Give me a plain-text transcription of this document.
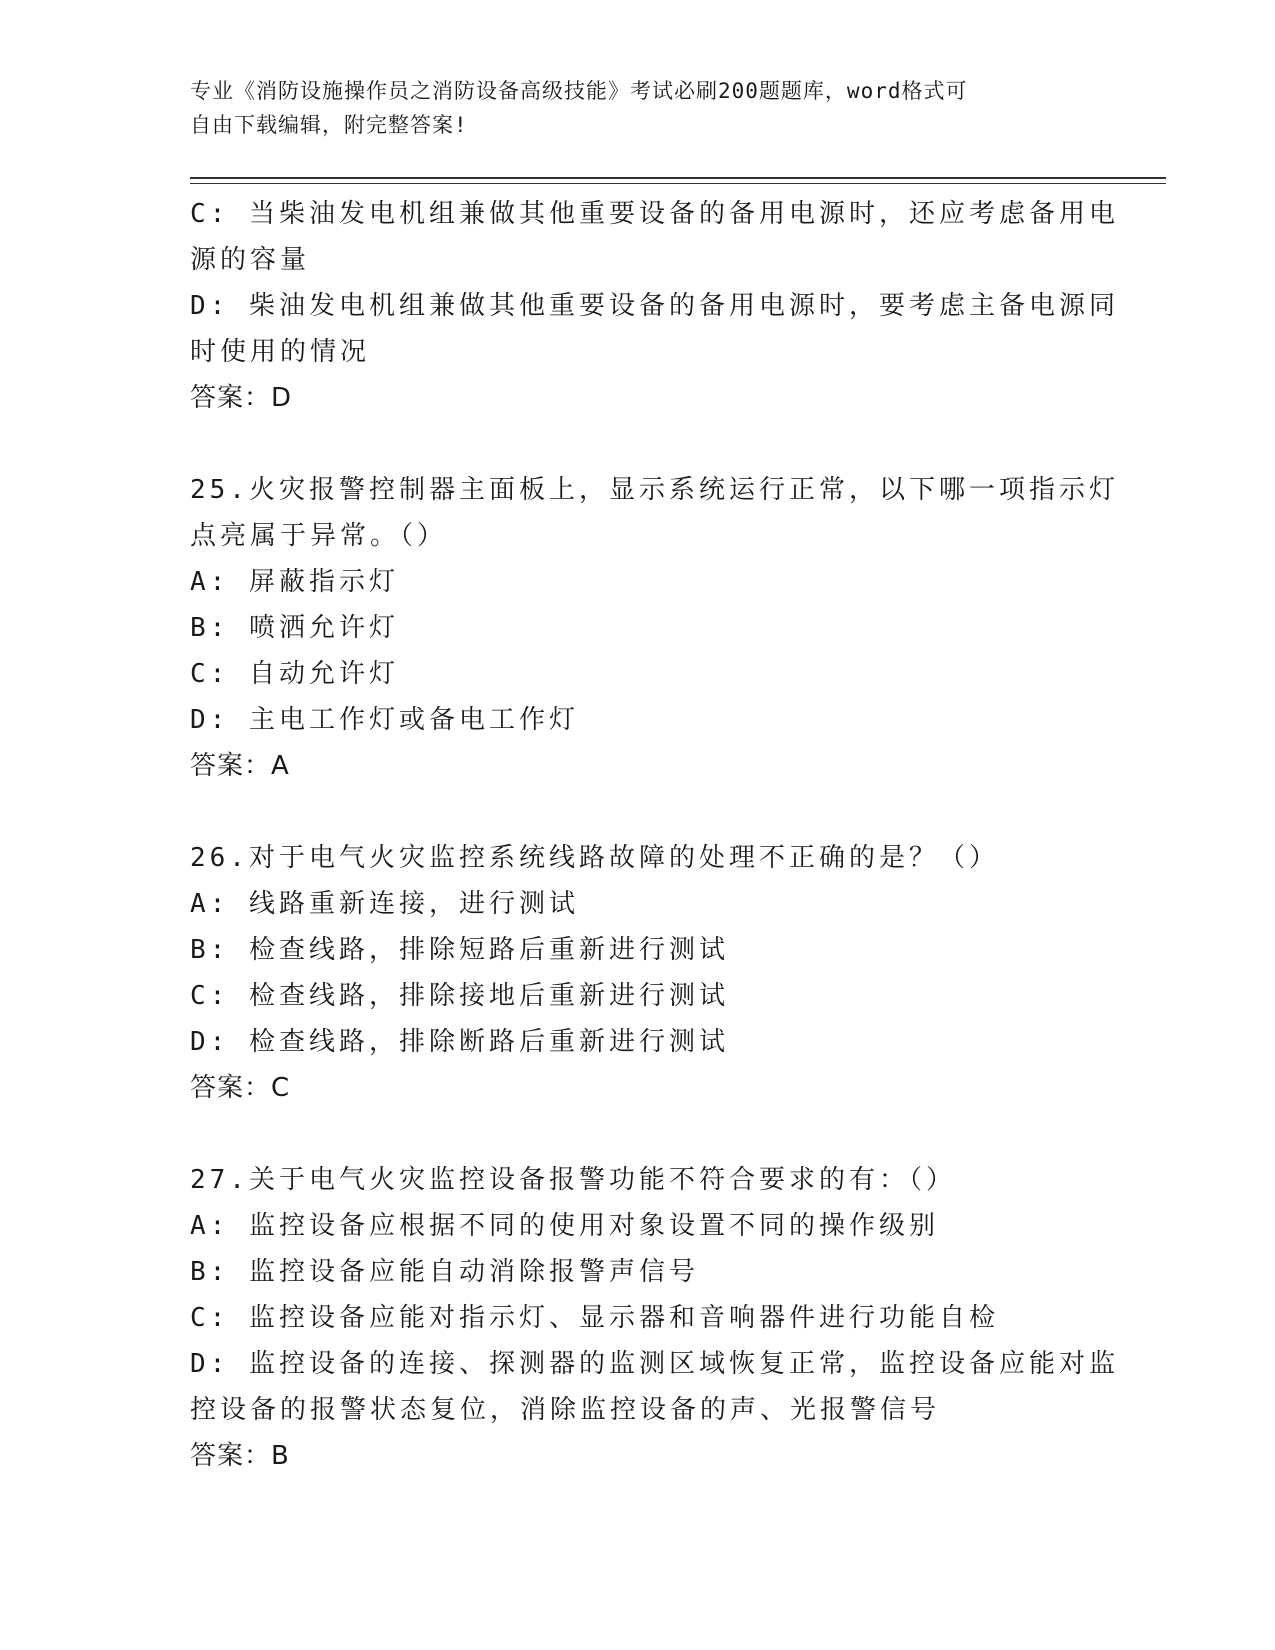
专业《消防设施操作员之消防设备高级技能》考试必刷200题题库，word格式可
自由下载编辑，附完整答案!
C: 当柴油发电机组兼做其他重要设备的备用电源时，还应考虑备用电
源的容量
D: 柴油发电机组兼做其他重要设备的备用电源时，要考虑主备电源同
时使用的情况
答案：D
25.火灾报警控制器主面板上，显示系统运行正常，以下哪一项指示灯
点亮属于异常。（）
A: 屏蔽指示灯
B: 喷洒允许灯
C: 自动允许灯
D: 主电工作灯或备电工作灯
答案：A
26.对于电气火灾监控系统线路故障的处理不正确的是？（）
A: 线路重新连接，进行测试
B: 检查线路，排除短路后重新进行测试
C: 检查线路，排除接地后重新进行测试
D: 检查线路，排除断路后重新进行测试
答案：C
27.关于电气火灾监控设备报警功能不符合要求的有：（）
A: 监控设备应根据不同的使用对象设置不同的操作级别
B: 监控设备应能自动消除报警声信号
C: 监控设备应能对指示灯、显示器和音响器件进行功能自检
D: 监控设备的连接、探测器的监测区域恢复正常，监控设备应能对监
控设备的报警状态复位，消除监控设备的声、光报警信号
答案：B
